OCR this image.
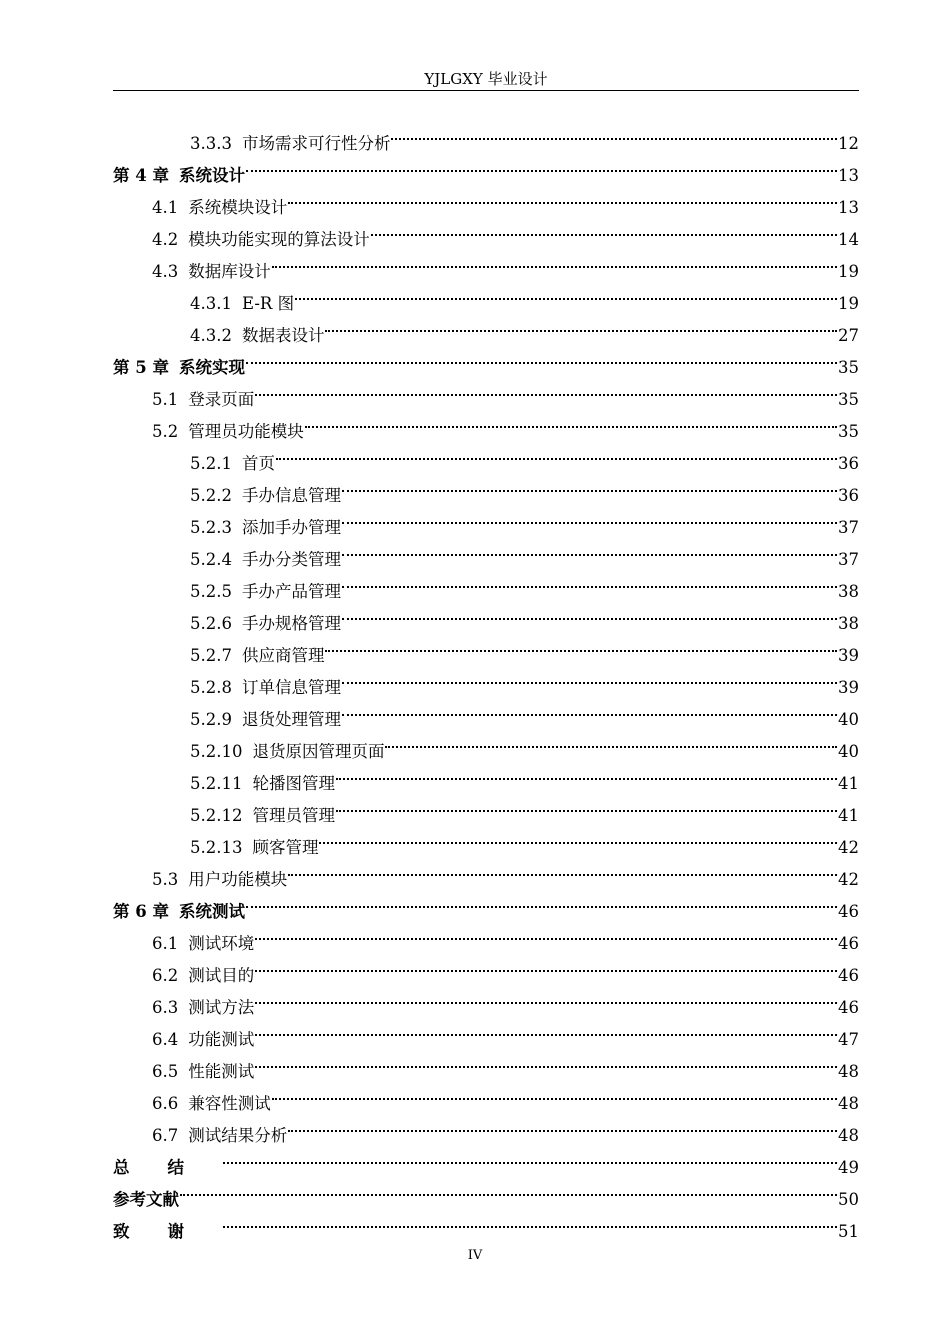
YJLGXY 毕业设计
3.3.3 市场需求可行性分析	12
第 4 章 系统设计	13
4.1 系统模块设计	13
4.2 模块功能实现的算法设计	14
4.3 数据库设计	19
4.3.1 E-R 图	19
4.3.2 数据表设计	27
第 5 章 系统实现	35
5.1 登录页面	35
5.2 管理员功能模块	35
5.2.1 首页	36
5.2.2 手办信息管理	36
5.2.3 添加手办管理	37
5.2.4 手办分类管理	37
5.2.5 手办产品管理	38
5.2.6 手办规格管理	38
5.2.7 供应商管理	39
5.2.8 订单信息管理	39
5.2.9 退货处理管理	40
5.2.10 退货原因管理页面	40
5.2.11 轮播图管理	41
5.2.12 管理员管理	41
5.2.13 顾客管理	42
5.3 用户功能模块	42
第 6 章 系统测试	46
6.1 测试环境	46
6.2 测试目的	46
6.3 测试方法	46
6.4 功能测试	47
6.5 性能测试	48
6.6 兼容性测试	48
6.7 测试结果分析	48
总结	49
参考文献	50
致谢	51
IV
